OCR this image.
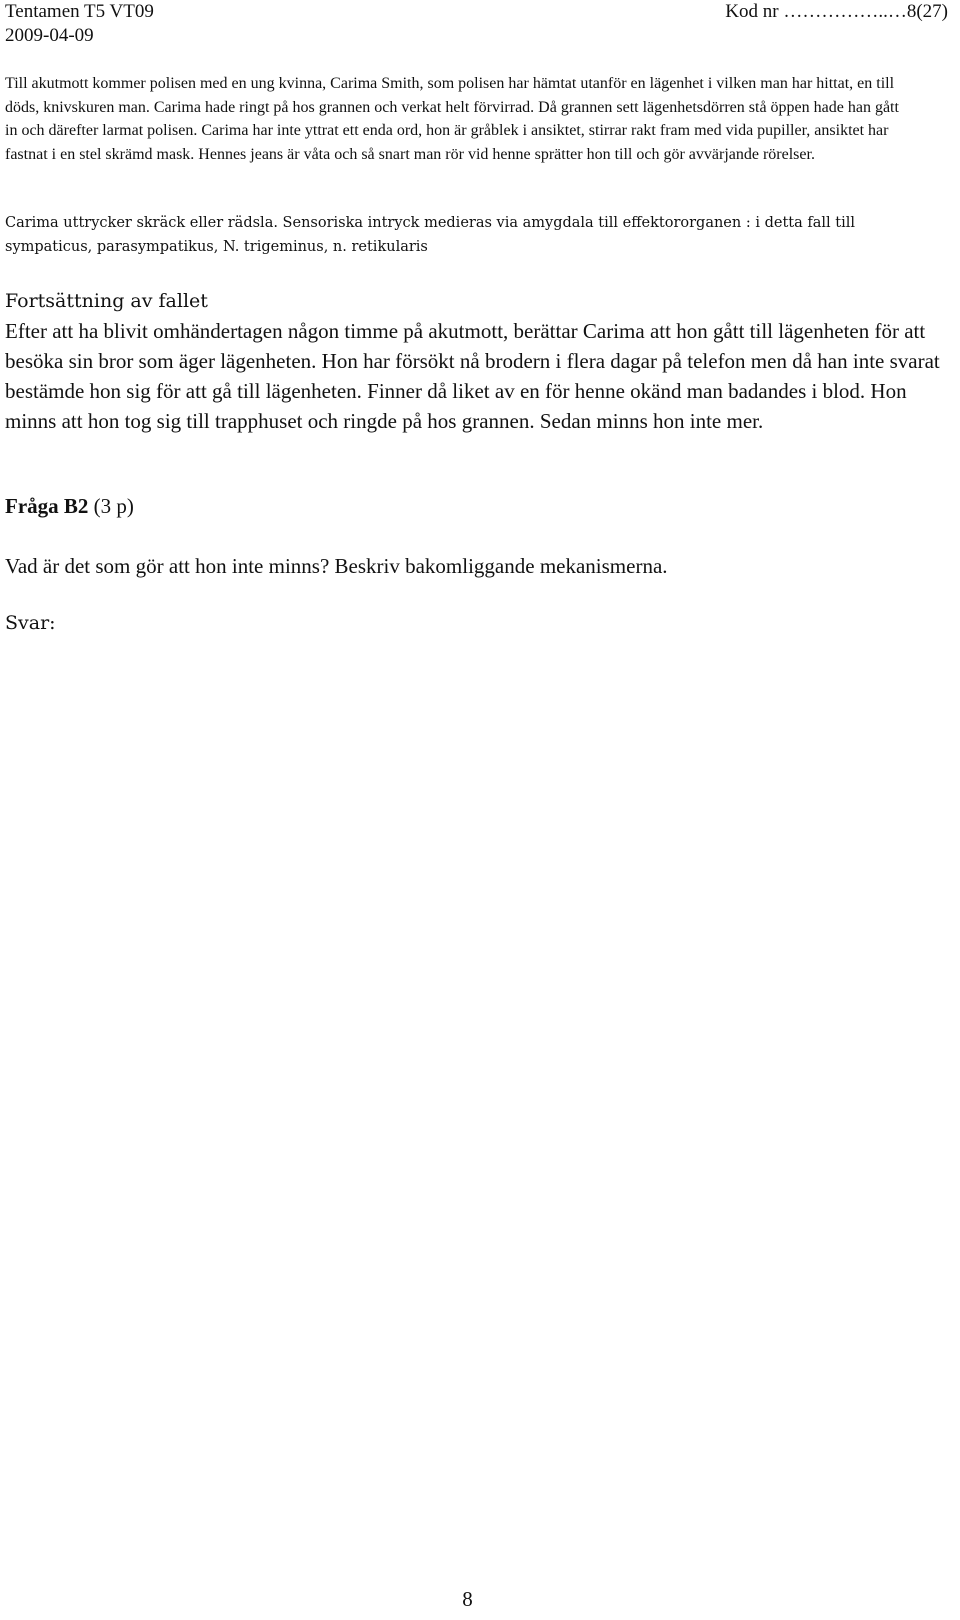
Tentamen T5 VT09	Kod nr ……………..…8(27)
2009-04-09

Till akutmott kommer polisen med en ung kvinna, Carima Smith, som polisen har hämtat utanför en lägenhet i vilken man har hittat, en till döds, knivskuren man. Carima hade ringt på hos grannen och verkat helt förvirrad. Då grannen sett lägenhetsdörren stå öppen hade han gått in och därefter larmat polisen. Carima har inte yttrat ett enda ord, hon är gråblek i ansiktet, stirrar rakt fram med vida pupiller, ansiktet har fastnat i en stel skrämd mask. Hennes jeans är våta och så snart man rör vid henne sprätter hon till och gör avvärjande rörelser.

Carima uttrycker skräck eller rädsla. Sensoriska intryck medieras via amygdala till effektororganen : i detta fall till sympaticus, parasympatikus, N. trigeminus, n. retikularis

Fortsättning av fallet

Efter att ha blivit omhändertagen någon timme på akutmott, berättar Carima att hon gått till lägenheten för att besöka sin bror som äger lägenheten. Hon har försökt nå brodern i flera dagar på telefon men då han inte svarat bestämde hon sig för att gå till lägenheten. Finner då liket av en för henne okänd man badandes i blod. Hon minns att hon tog sig till trapphuset och ringde på hos grannen. Sedan minns hon inte mer.

Fråga B2 (3 p)

Vad är det som gör att hon inte minns? Beskriv bakomliggande mekanismerna.

Svar:
8
